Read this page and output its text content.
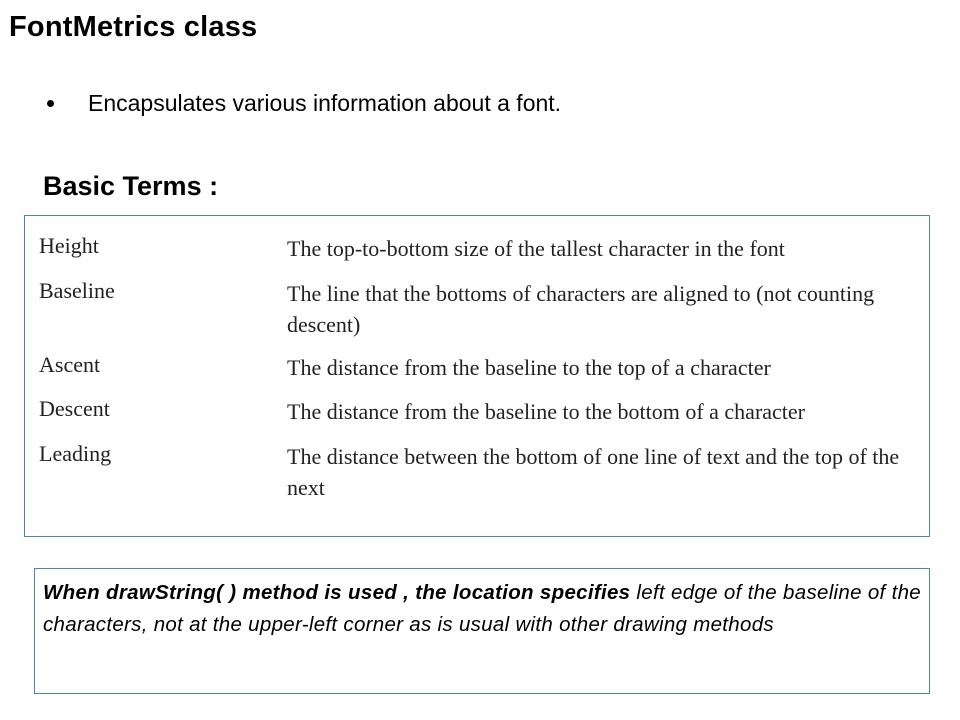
FontMetrics class
Encapsulates various information about a font.
Basic Terms :
Height	The top-to-bottom size of the tallest character in the font
Baseline	The line that the bottoms of characters are aligned to (not counting descent)
Ascent	The distance from the baseline to the top of a character
Descent	The distance from the baseline to the bottom of a character
Leading	The distance between the bottom of one line of text and the top of the next

When drawString( ) method is used , the location specifies left edge of the baseline of the characters, not at the upper-left corner as is usual with other drawing methods
